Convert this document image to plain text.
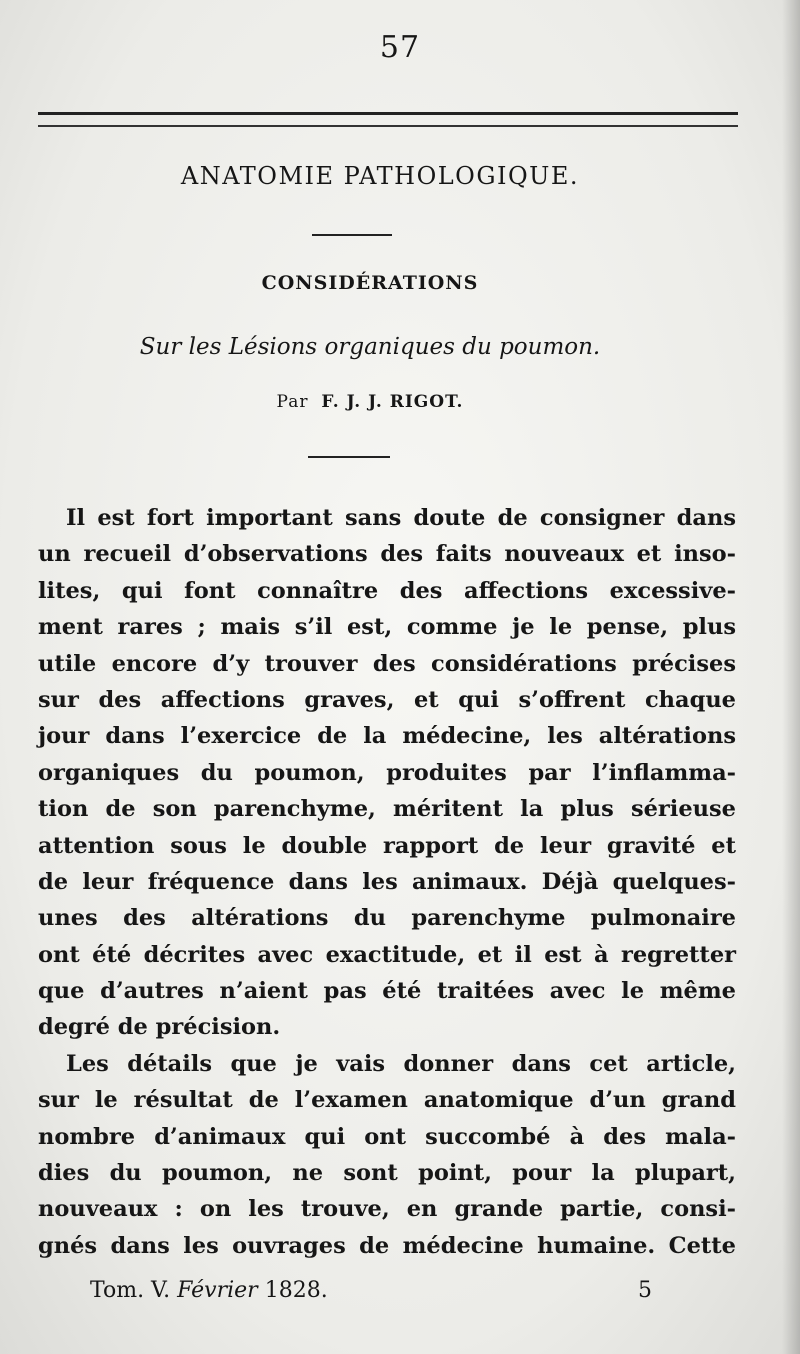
57
ANATOMIE PATHOLOGIQUE.
CONSIDÉRATIONS
Sur les Lésions organiques du poumon.
Par F. J. J. RIGOT.
Il est fort important sans doute de consigner dans
un recueil d’observations des faits nouveaux et inso-
lites, qui font connaître des affections excessive-
ment rares ; mais s’il est, comme je le pense, plus
utile encore d’y trouver des considérations précises
sur des affections graves, et qui s’offrent chaque
jour dans l’exercice de la médecine, les altérations
organiques du poumon, produites par l’inflamma-
tion de son parenchyme, méritent la plus sérieuse
attention sous le double rapport de leur gravité et
de leur fréquence dans les animaux. Déjà quelques-
unes des altérations du parenchyme pulmonaire
ont été décrites avec exactitude, et il est à regretter
que d’autres n’aient pas été traitées avec le même
degré de précision.
Les détails que je vais donner dans cet article,
sur le résultat de l’examen anatomique d’un grand
nombre d’animaux qui ont succombé à des mala-
dies du poumon, ne sont point, pour la plupart,
nouveaux : on les trouve, en grande partie, consi-
gnés dans les ouvrages de médecine humaine. Cette
Tom. V. Février 1828.	5
